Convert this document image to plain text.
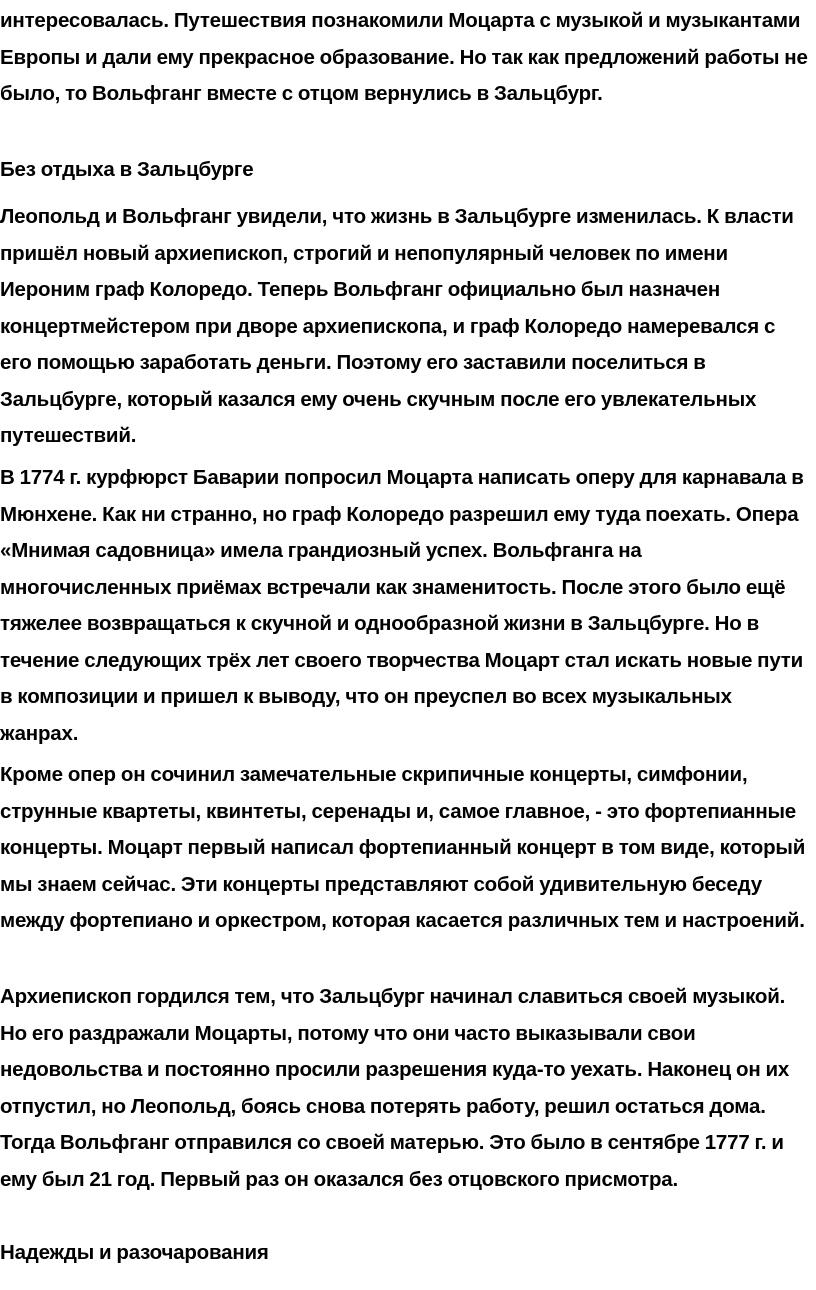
интересовалась. Путешествия познакомили Моцарта с музыкой и музыкантами Европы и дали ему прекрасное образование. Но так как предложений работы не было, то Вольфганг вместе с отцом вернулись в Зальцбург.

Без отдыха в Зальцбурге

Леопольд и Вольфганг увидели, что жизнь в Зальцбурге изменилась. К власти пришёл новый архиепископ, строгий и непопулярный человек по имени Иероним граф Колоредо. Теперь Вольфганг официально был назначен концертмейстером при дворе архиепископа, и граф Колоредо намеревался с его помощью заработать деньги. Поэтому его заставили поселиться в Зальцбурге, который казался ему очень скучным после его увлекательных путешествий.

В 1774 г. курфюрст Баварии попросил Моцарта написать оперу для карнавала в Мюнхене. Как ни странно, но граф Колоредо разрешил ему туда поехать. Опера «Мнимая садовница» имела грандиозный успех. Вольфганга на многочисленных приёмах встречали как знаменитость. После этого было ещё тяжелее возвращаться к скучной и однообразной жизни в Зальцбурге. Но в течение следующих трёх лет своего творчества Моцарт стал искать новые пути в композиции и пришел к выводу, что он преуспел во всех музыкальных жанрах.

Кроме опер он сочинил замечательные скрипичные концерты, симфонии, струнные квартеты, квинтеты, серенады и, самое главное, - это фортепианные концерты. Моцарт первый написал фортепианный концерт в том виде, который мы знаем сейчас. Эти концерты представляют собой удивительную беседу между фортепиано и оркестром, которая касается различных тем и настроений.

Архиепископ гордился тем, что Зальцбург начинал славиться своей музыкой. Но его раздражали Моцарты, потому что они часто выказывали свои недовольства и постоянно просили разрешения куда-то уехать. Наконец он их отпустил, но Леопольд, боясь снова потерять работу, решил остаться дома. Тогда Вольфганг отправился со своей матерью. Это было в сентябре 1777 г. и ему был 21 год. Первый раз он оказался без отцовского присмотра.

Надежды и разочарования
